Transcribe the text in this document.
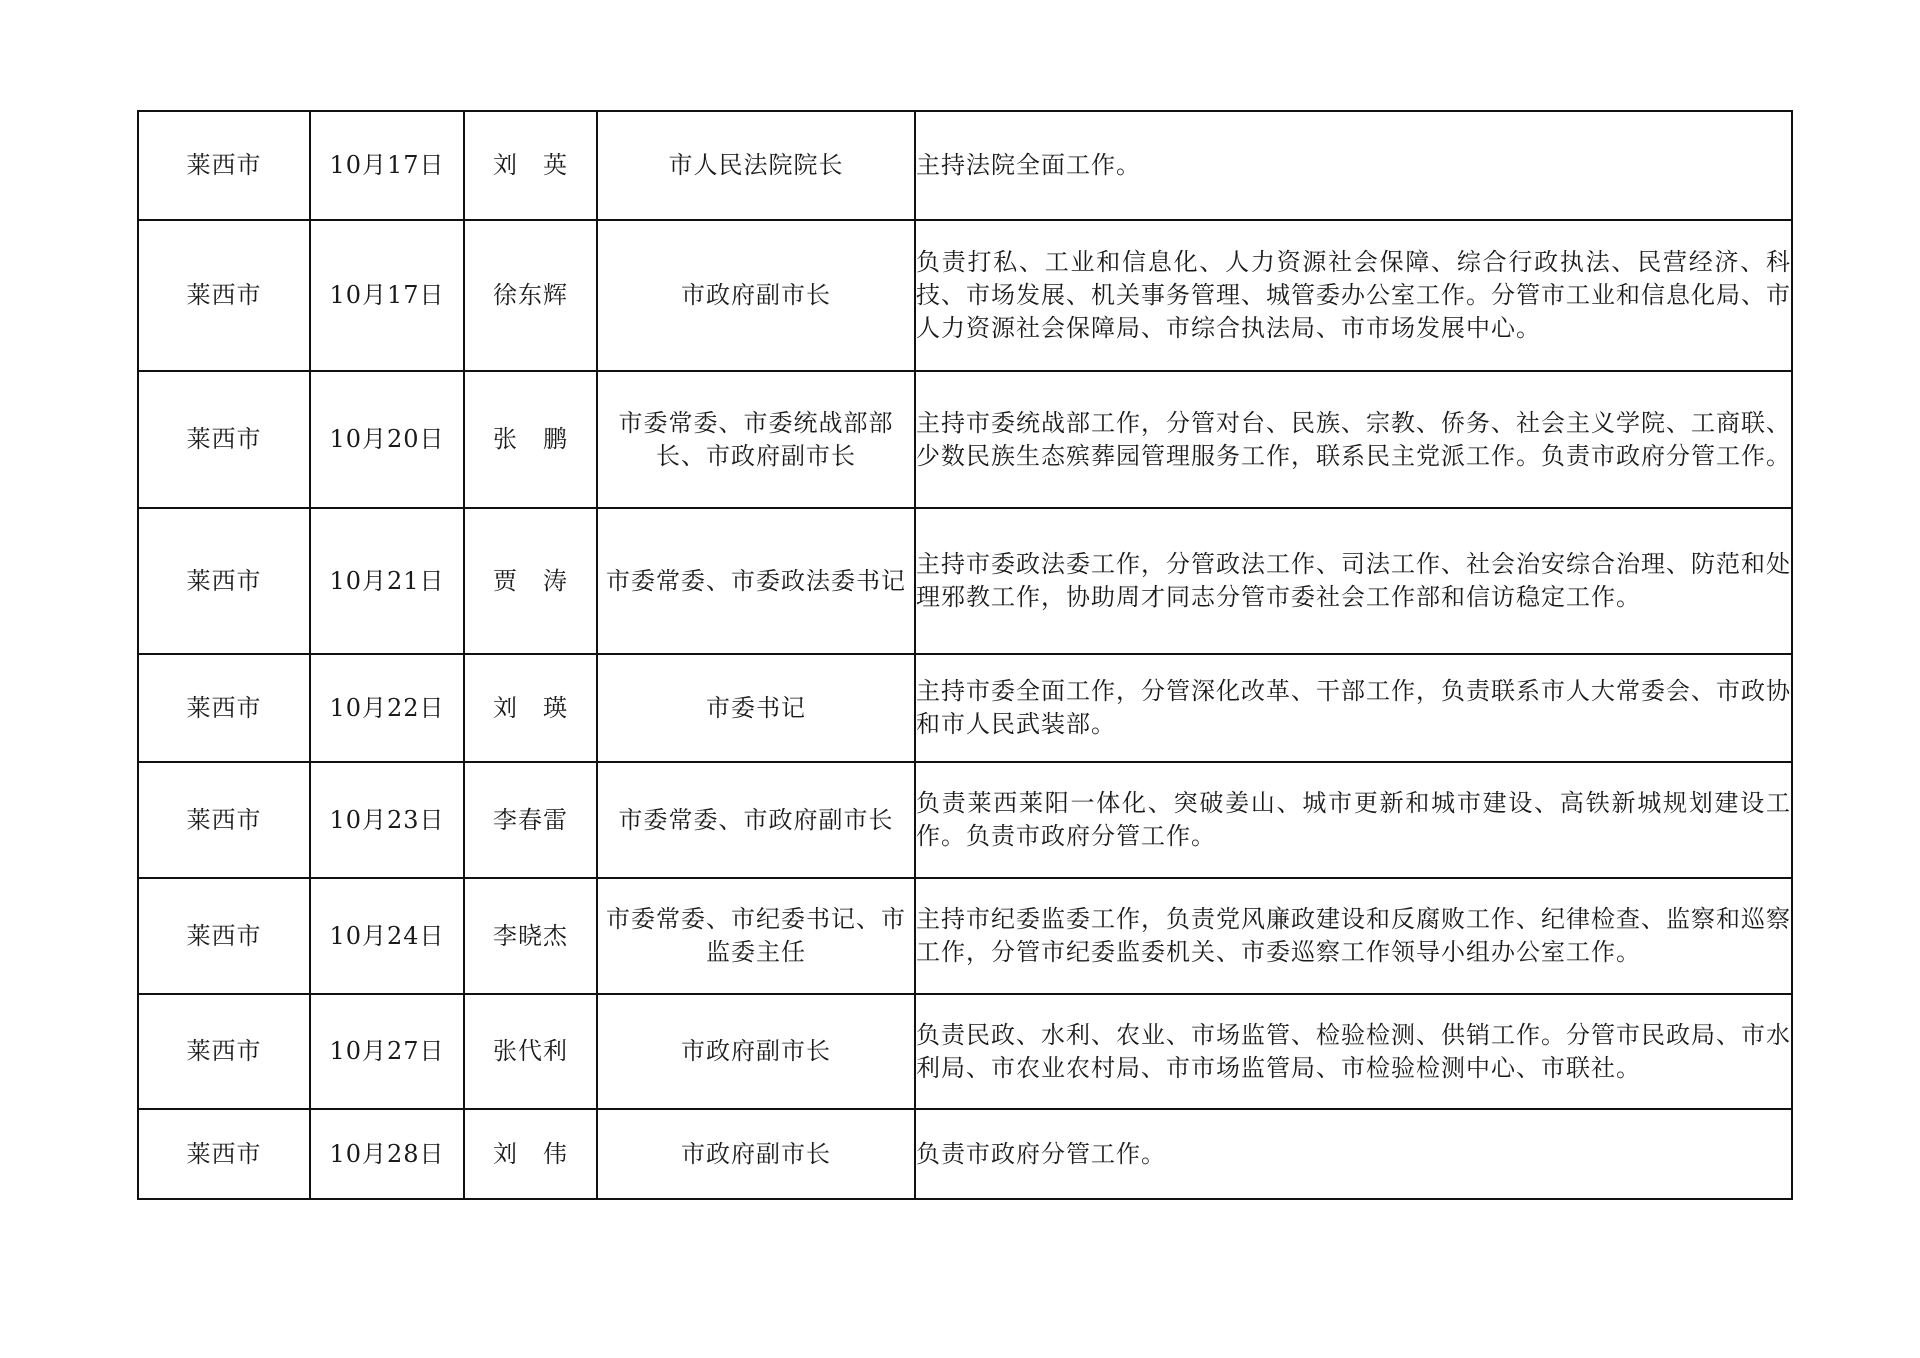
莱西市	10月17日	刘　英	市人民法院院长	主持法院全面工作。
莱西市	10月17日	徐东辉	市政府副市长	负责打私、工业和信息化、人力资源社会保障、综合行政执法、民营经济、科技、市场发展、机关事务管理、城管委办公室工作。分管市工业和信息化局、市人力资源社会保障局、市综合执法局、市市场发展中心。
莱西市	10月20日	张　鹏	市委常委、市委统战部部长、市政府副市长	主持市委统战部工作，分管对台、民族、宗教、侨务、社会主义学院、工商联、少数民族生态殡葬园管理服务工作，联系民主党派工作。负责市政府分管工作。
莱西市	10月21日	贾　涛	市委常委、市委政法委书记	主持市委政法委工作，分管政法工作、司法工作、社会治安综合治理、防范和处理邪教工作，协助周才同志分管市委社会工作部和信访稳定工作。
莱西市	10月22日	刘　瑛	市委书记	主持市委全面工作，分管深化改革、干部工作，负责联系市人大常委会、市政协和市人民武装部。
莱西市	10月23日	李春雷	市委常委、市政府副市长	负责莱西莱阳一体化、突破姜山、城市更新和城市建设、高铁新城规划建设工作。负责市政府分管工作。
莱西市	10月24日	李晓杰	市委常委、市纪委书记、市监委主任	主持市纪委监委工作，负责党风廉政建设和反腐败工作、纪律检查、监察和巡察工作，分管市纪委监委机关、市委巡察工作领导小组办公室工作。
莱西市	10月27日	张代利	市政府副市长	负责民政、水利、农业、市场监管、检验检测、供销工作。分管市民政局、市水利局、市农业农村局、市市场监管局、市检验检测中心、市联社。
莱西市	10月28日	刘　伟	市政府副市长	负责市政府分管工作。
